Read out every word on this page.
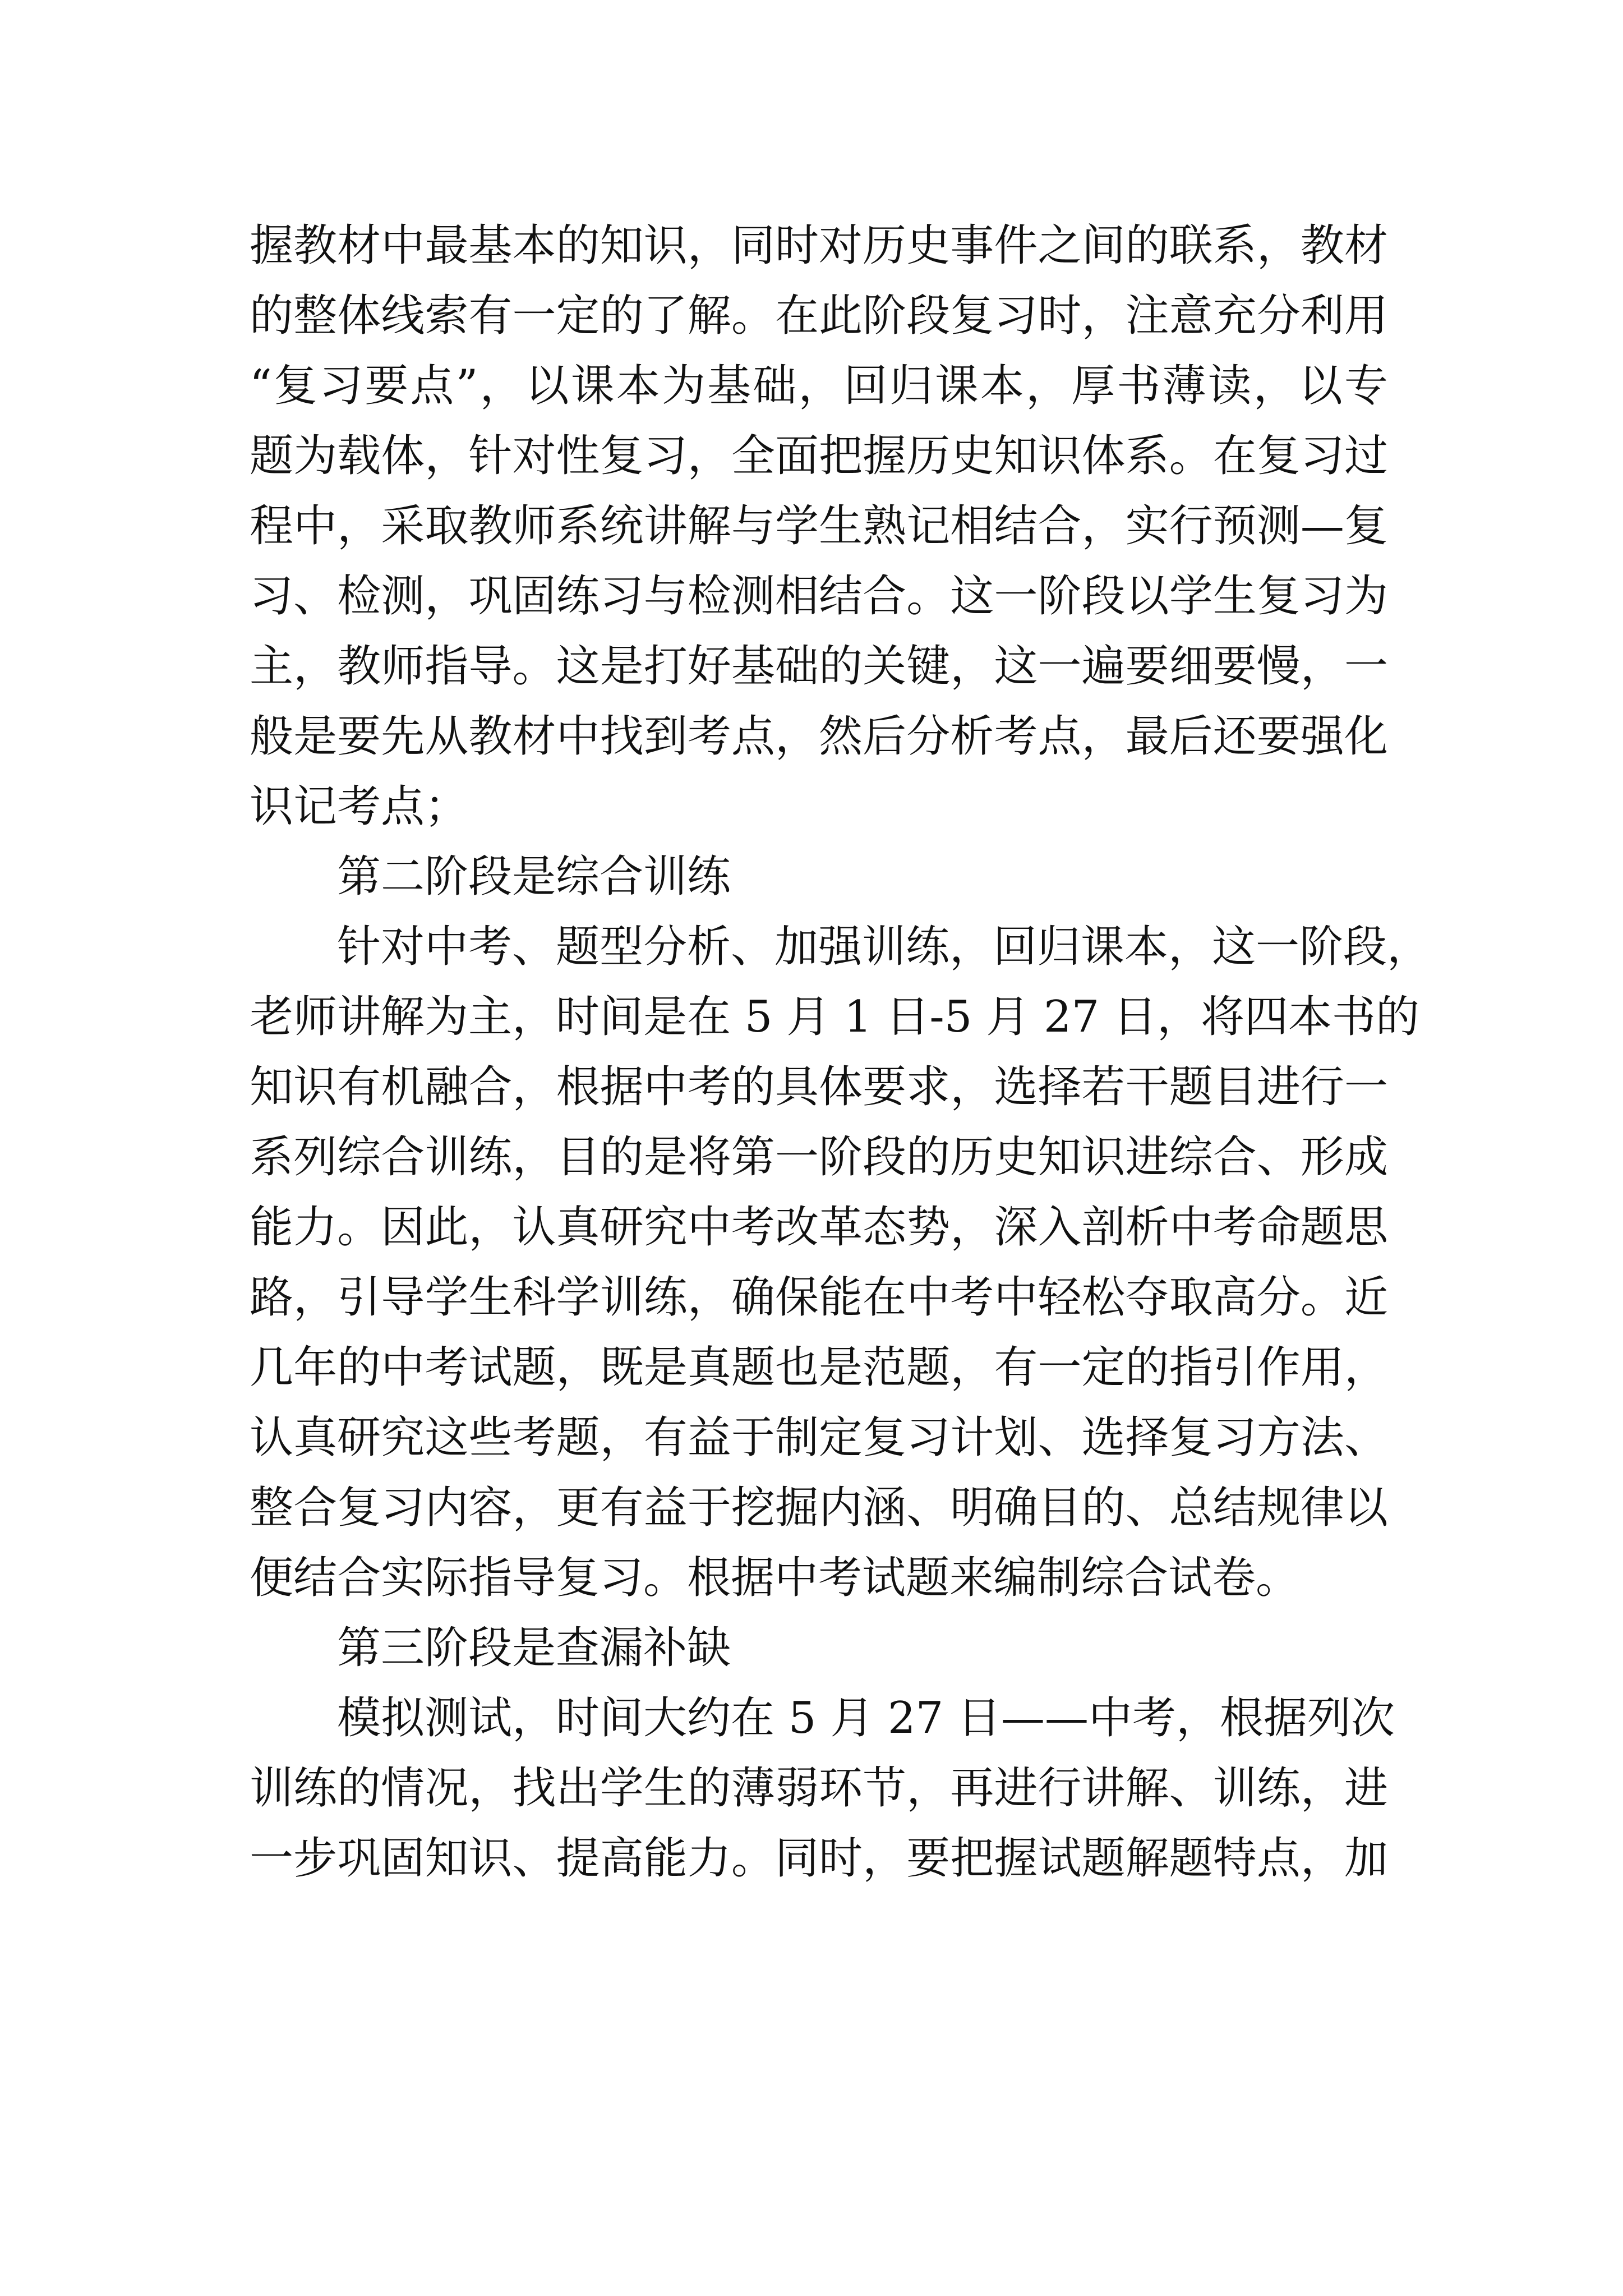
握教材中最基本的知识，同时对历史事件之间的联系，教材
的整体线索有一定的了解。在此阶段复习时，注意充分利用
“复习要点”，以课本为基础，回归课本，厚书薄读，以专
题为载体，针对性复习，全面把握历史知识体系。在复习过
程中，采取教师系统讲解与学生熟记相结合，实行预测—复
习、检测，巩固练习与检测相结合。这一阶段以学生复习为
主，教师指导。这是打好基础的关键，这一遍要细要慢，一
般是要先从教材中找到考点，然后分析考点，最后还要强化
识记考点；
第二阶段是综合训练
针对中考、题型分析、加强训练，回归课本，这一阶段，
老师讲解为主，时间是在 5 月 1 日-5 月 27 日，将四本书的
知识有机融合，根据中考的具体要求，选择若干题目进行一
系列综合训练，目的是将第一阶段的历史知识进综合、形成
能力。因此，认真研究中考改革态势，深入剖析中考命题思
路，引导学生科学训练，确保能在中考中轻松夺取高分。近
几年的中考试题，既是真题也是范题，有一定的指引作用，
认真研究这些考题，有益于制定复习计划、选择复习方法、
整合复习内容，更有益于挖掘内涵、明确目的、总结规律以
便结合实际指导复习。根据中考试题来编制综合试卷。
第三阶段是查漏补缺
模拟测试，时间大约在 5 月 27 日——中考，根据列次
训练的情况，找出学生的薄弱环节，再进行讲解、训练，进
一步巩固知识、提高能力。同时，要把握试题解题特点，加
